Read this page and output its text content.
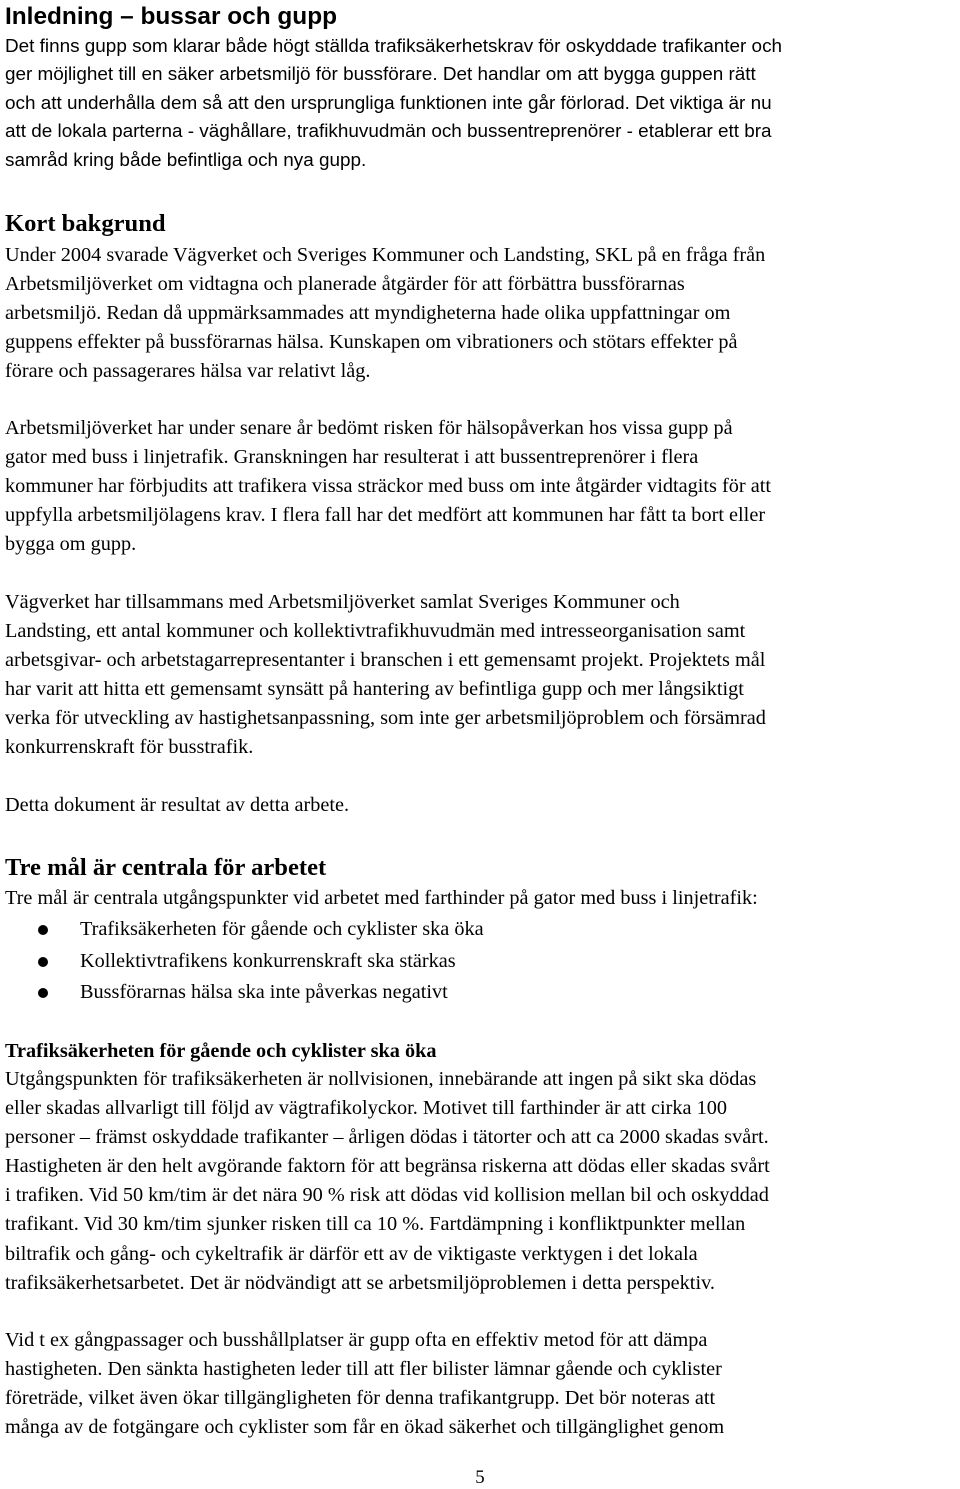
Inledning – bussar och gupp
Det finns gupp som klarar både högt ställda trafiksäkerhetskrav för oskyddade trafikanter och
ger möjlighet till en säker arbetsmiljö för bussförare. Det handlar om att bygga guppen rätt
och att underhålla dem så att den ursprungliga funktionen inte går förlorad. Det viktiga är nu
att de lokala parterna - väghållare, trafikhuvudmän och bussentreprenörer - etablerar ett bra
samråd kring både befintliga och nya gupp.
Kort bakgrund
Under 2004 svarade Vägverket och Sveriges Kommuner och Landsting, SKL på en fråga från
Arbetsmiljöverket om vidtagna och planerade åtgärder för att förbättra bussförarnas
arbetsmiljö. Redan då uppmärksammades att myndigheterna hade olika uppfattningar om
guppens effekter på bussförarnas hälsa. Kunskapen om vibrationers och stötars effekter på
förare och passagerares hälsa var relativt låg.
Arbetsmiljöverket har under senare år bedömt risken för hälsopåverkan hos vissa gupp på
gator med buss i linjetrafik. Granskningen har resulterat i att bussentreprenörer i flera
kommuner har förbjudits att trafikera vissa sträckor med buss om inte åtgärder vidtagits för att
uppfylla arbetsmiljölagens krav. I flera fall har det medfört att kommunen har fått ta bort eller
bygga om gupp.
Vägverket har tillsammans med Arbetsmiljöverket samlat Sveriges Kommuner och
Landsting, ett antal kommuner och kollektivtrafikhuvudmän med intresseorganisation samt
arbetsgivar- och arbetstagarrepresentanter i branschen i ett gemensamt projekt. Projektets mål
har varit att hitta ett gemensamt synsätt på hantering av befintliga gupp och mer långsiktigt
verka för utveckling av hastighetsanpassning, som inte ger arbetsmiljöproblem och försämrad
konkurrenskraft för busstrafik.
Detta dokument är resultat av detta arbete.
Tre mål är centrala för arbetet
Tre mål är centrala utgångspunkter vid arbetet med farthinder på gator med buss i linjetrafik:
Trafiksäkerheten för gående och cyklister ska öka
Kollektivtrafikens konkurrenskraft ska stärkas
Bussförarnas hälsa ska inte påverkas negativt
Trafiksäkerheten för gående och cyklister ska öka
Utgångspunkten för trafiksäkerheten är nollvisionen, innebärande att ingen på sikt ska dödas
eller skadas allvarligt till följd av vägtrafikolyckor. Motivet till farthinder är att cirka 100
personer – främst oskyddade trafikanter – årligen dödas i tätorter och att ca 2000 skadas svårt.
Hastigheten är den helt avgörande faktorn för att begränsa riskerna att dödas eller skadas svårt
i trafiken. Vid 50 km/tim är det nära 90 % risk att dödas vid kollision mellan bil och oskyddad
trafikant. Vid 30 km/tim sjunker risken till ca 10 %. Fartdämpning i konfliktpunkter mellan
biltrafik och gång- och cykeltrafik är därför ett av de viktigaste verktygen i det lokala
trafiksäkerhetsarbetet. Det är nödvändigt att se arbetsmiljöproblemen i detta perspektiv.
Vid t ex gångpassager och busshållplatser är gupp ofta en effektiv metod för att dämpa
hastigheten. Den sänkta hastigheten leder till att fler bilister lämnar gående och cyklister
företräde, vilket även ökar tillgängligheten för denna trafikantgrupp. Det bör noteras att
många av de fotgängare och cyklister som får en ökad säkerhet och tillgänglighet genom
5
